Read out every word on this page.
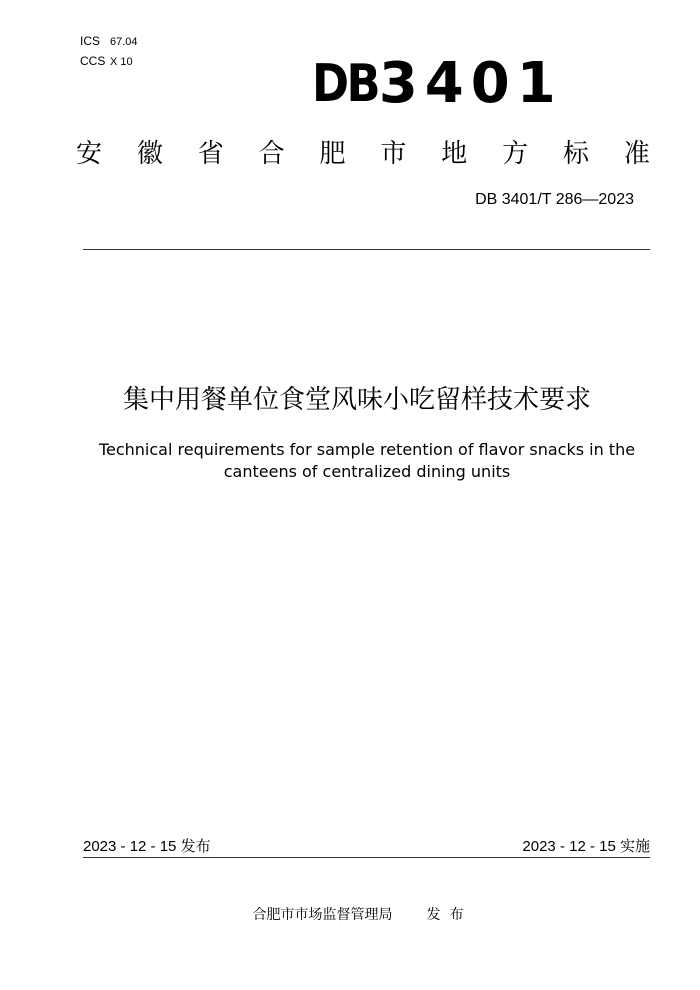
ICS 67.04
CCS X 10	DB 3401
安 徽 省 合 肥 市 地 方 标 准
DB 3401/T 286—2023
集中用餐单位食堂风味小吃留样技术要求
Technical requirements for sample retention of flavor snacks in the canteens of centralized dining units
2023 - 12 - 15 发布	2023 - 12 - 15 实施
合肥市市场监督管理局 发  布
